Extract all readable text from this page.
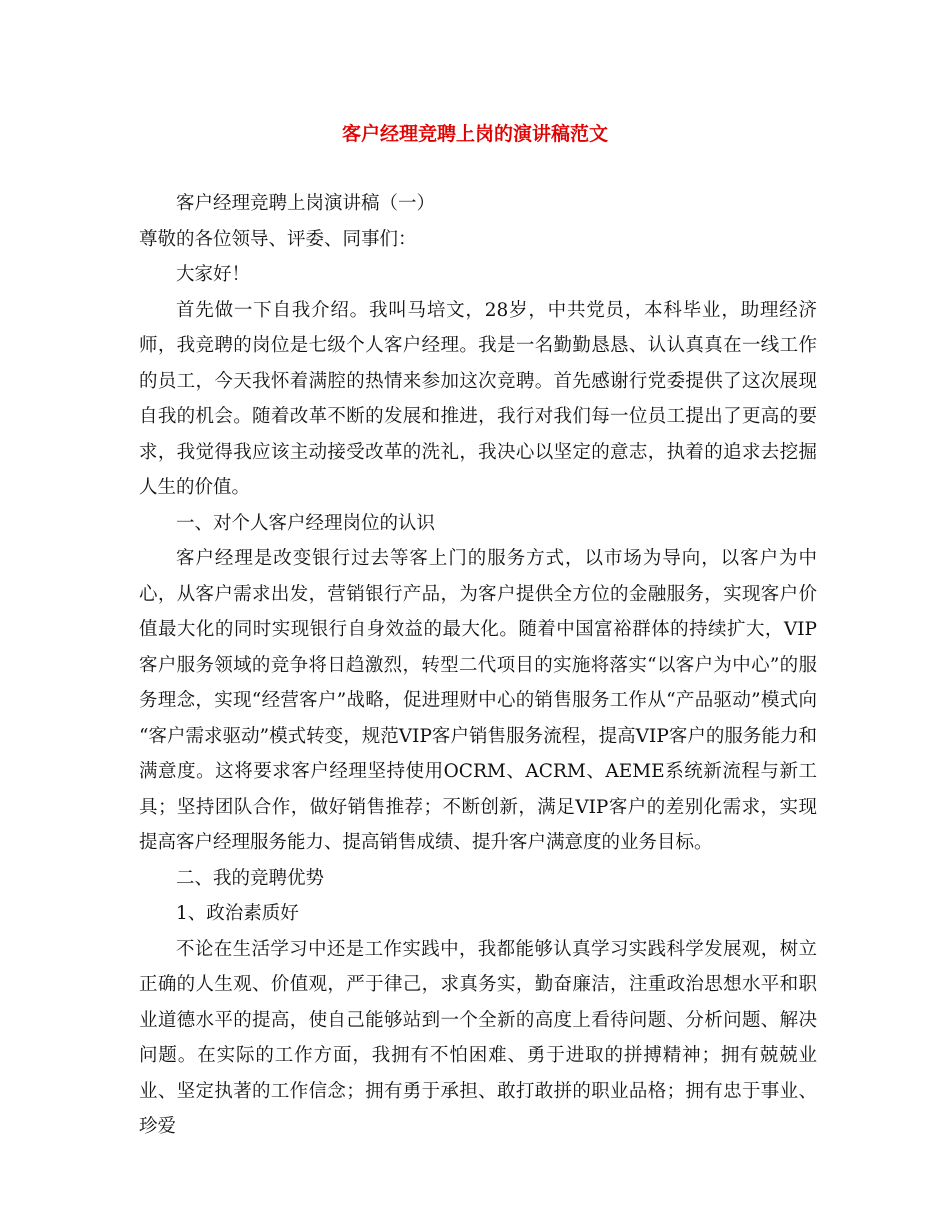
客户经理竞聘上岗的演讲稿范文

客户经理竞聘上岗演讲稿（一）

尊敬的各位领导、评委、同事们：

大家好！

首先做一下自我介绍。我叫马培文，28岁，中共党员，本科毕业，助理经济师，我竞聘的岗位是七级个人客户经理。我是一名勤勤恳恳、认认真真在一线工作的员工，今天我怀着满腔的热情来参加这次竞聘。首先感谢行党委提供了这次展现自我的机会。随着改革不断的发展和推进，我行对我们每一位员工提出了更高的要求，我觉得我应该主动接受改革的洗礼，我决心以坚定的意志，执着的追求去挖掘人生的价值。

一、对个人客户经理岗位的认识

客户经理是改变银行过去等客上门的服务方式，以市场为导向，以客户为中心，从客户需求出发，营销银行产品，为客户提供全方位的金融服务，实现客户价值最大化的同时实现银行自身效益的最大化。随着中国富裕群体的持续扩大，VIP客户服务领域的竞争将日趋激烈，转型二代项目的实施将落实“以客户为中心”的服务理念，实现“经营客户”战略，促进理财中心的销售服务工作从“产品驱动”模式向 “客户需求驱动”模式转变，规范VIP客户销售服务流程，提高VIP客户的服务能力和满意度。这将要求客户经理坚持使用OCRM、ACRM、AEME系统新流程与新工具；坚持团队合作，做好销售推荐；不断创新，满足VIP客户的差别化需求，实现提高客户经理服务能力、提高销售成绩、提升客户满意度的业务目标。

二、我的竞聘优势

1、政治素质好

不论在生活学习中还是工作实践中，我都能够认真学习实践科学发展观，树立正确的人生观、价值观，严于律己，求真务实，勤奋廉洁，注重政治思想水平和职业道德水平的提高，使自己能够站到一个全新的高度上看待问题、分析问题、解决问题。在实际的工作方面，我拥有不怕困难、勇于进取的拼搏精神；拥有兢兢业业、坚定执著的工作信念；拥有勇于承担、敢打敢拼的职业品格；拥有忠于事业、珍爱
